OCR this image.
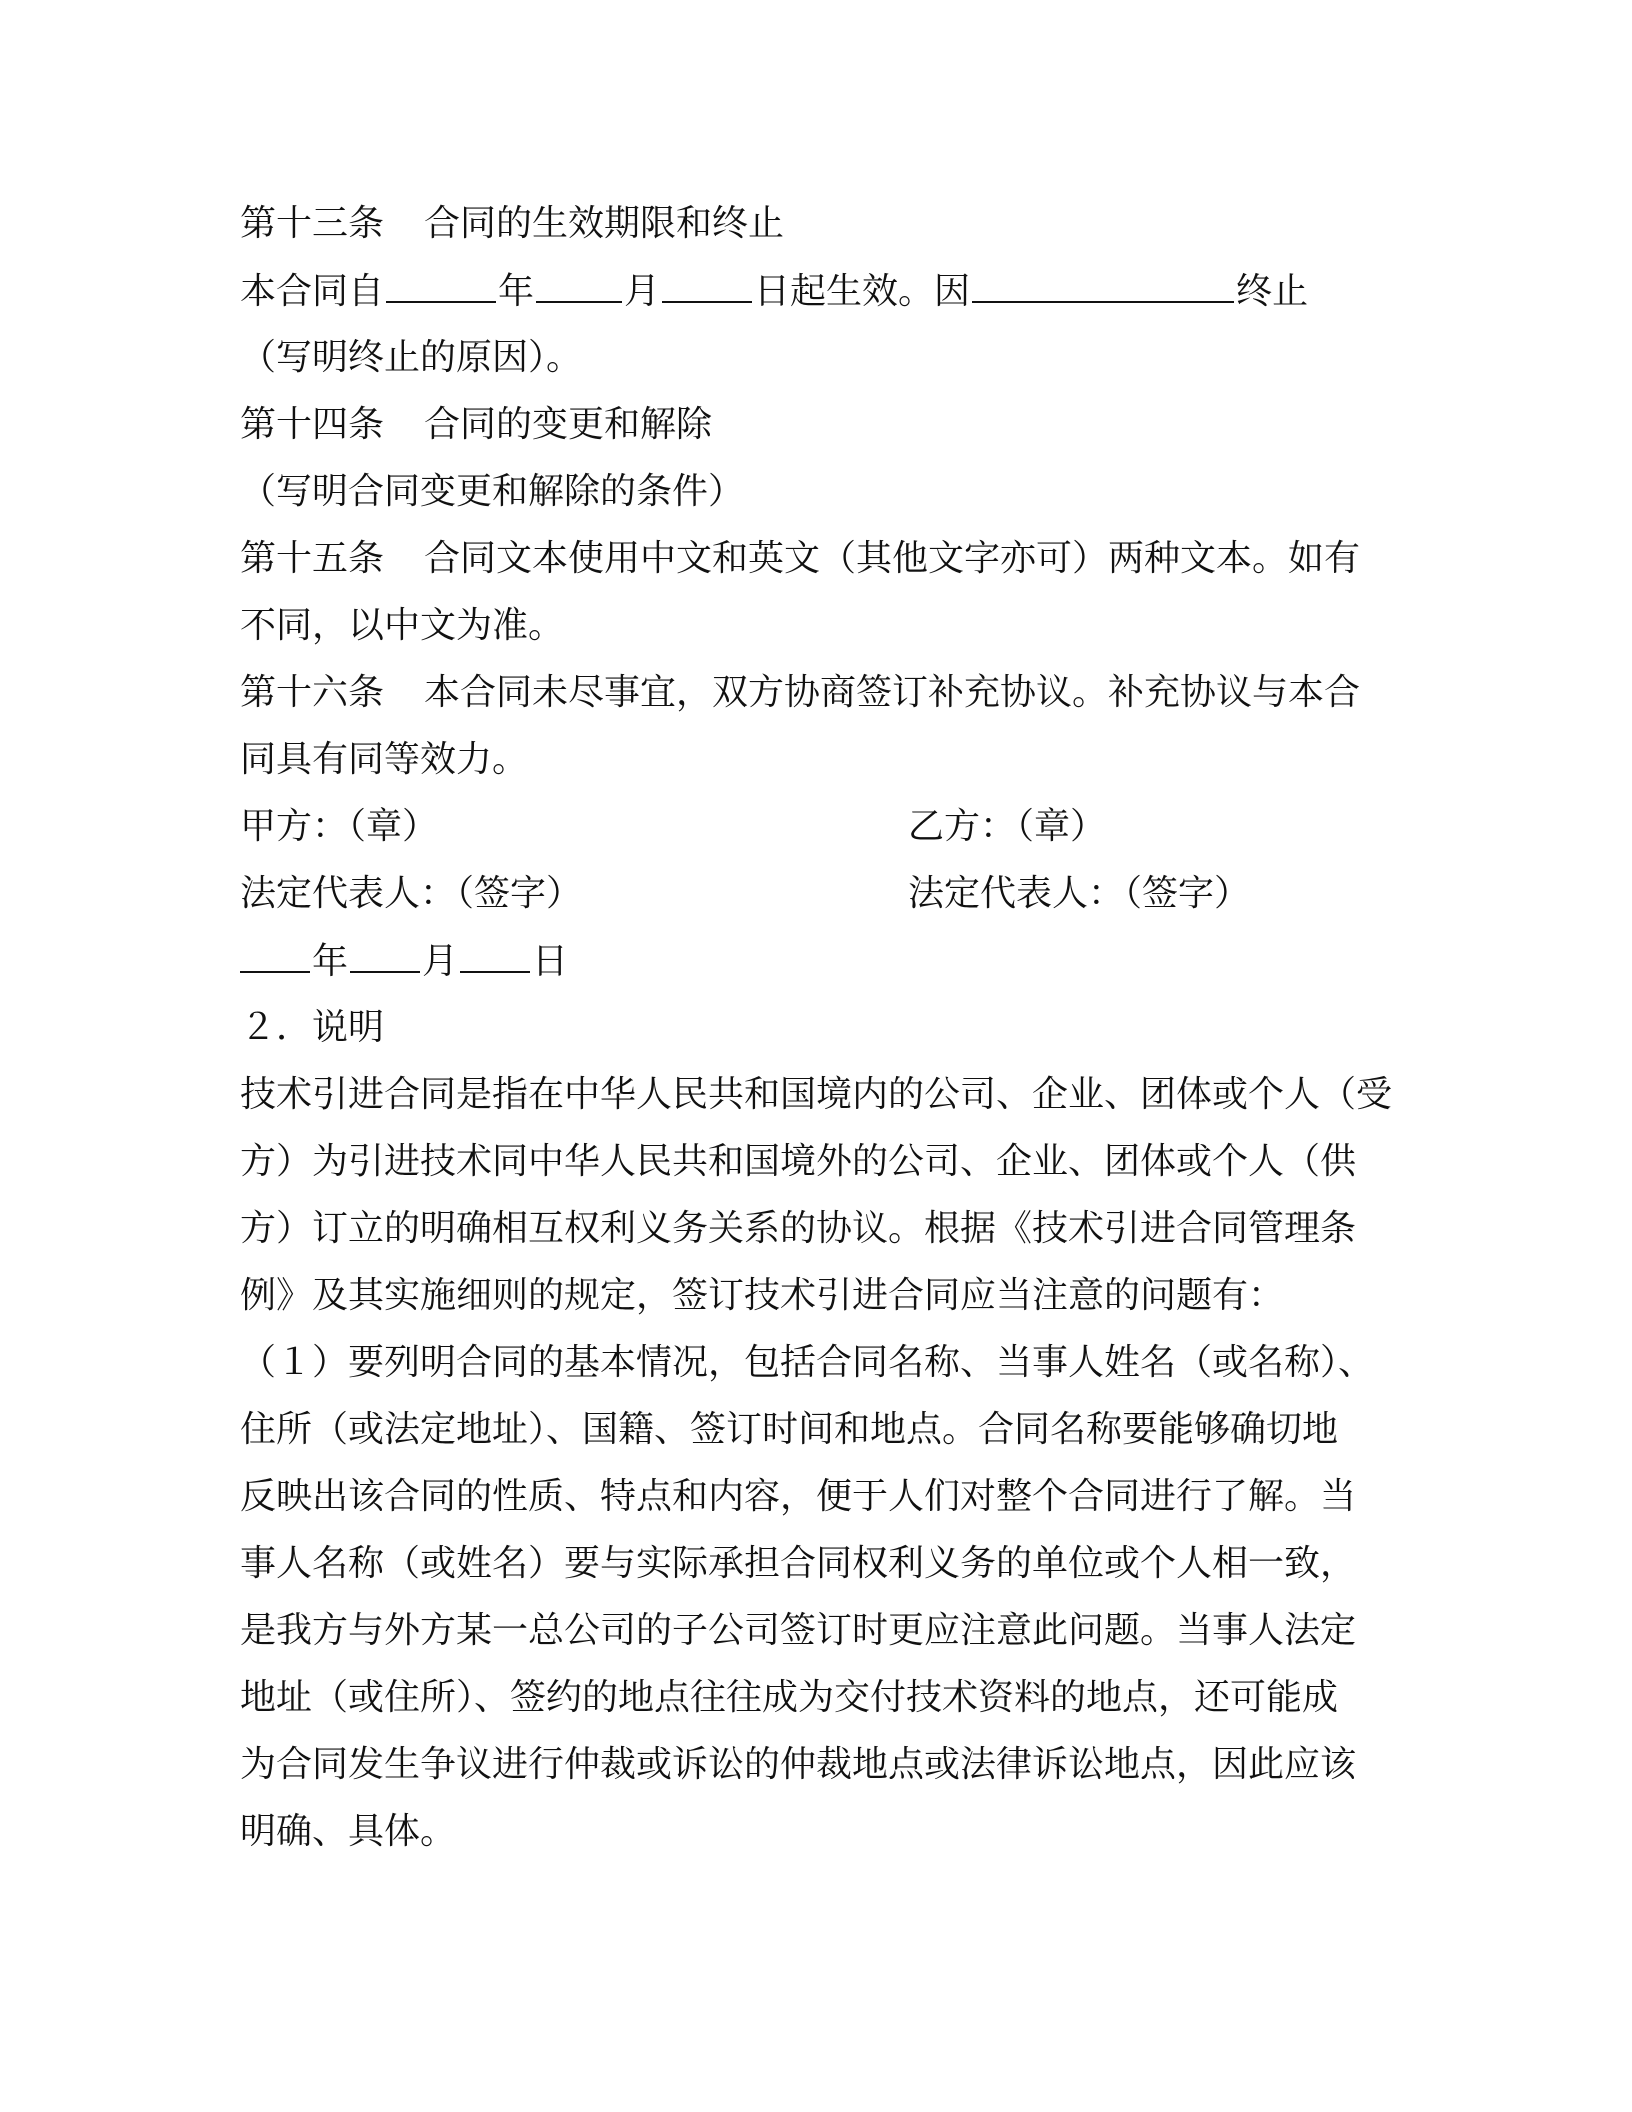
第十三条 合同的生效期限和终止
本合同自	年	月	日起生效。因	终止
（写明终止的原因）。
第十四条 合同的变更和解除
（写明合同变更和解除的条件）
第十五条 合同文本使用中文和英文（其他文字亦可）两种文本。如有
不同，以中文为准。
第十六条 本合同未尽事宜，双方协商签订补充协议。补充协议与本合
同具有同等效力。
甲方：（章）	乙方：（章）
法定代表人：（签字）	法定代表人：（签字）
年 月 日
２．说明
技术引进合同是指在中华人民共和国境内的公司、企业、团体或个人（受
方）为引进技术同中华人民共和国境外的公司、企业、团体或个人（供
方）订立的明确相互权利义务关系的协议。根据《技术引进合同管理条
例》及其实施细则的规定，签订技术引进合同应当注意的问题有：
（１）要列明合同的基本情况，包括合同名称、当事人姓名（或名称）、
住所（或法定地址）、国籍、签订时间和地点。合同名称要能够确切地
反映出该合同的性质、特点和内容，便于人们对整个合同进行了解。当
事人名称（或姓名）要与实际承担合同权利义务的单位或个人相一致，
是我方与外方某一总公司的子公司签订时更应注意此问题。当事人法定
地址（或住所）、签约的地点往往成为交付技术资料的地点，还可能成
为合同发生争议进行仲裁或诉讼的仲裁地点或法律诉讼地点，因此应该
明确、具体。
